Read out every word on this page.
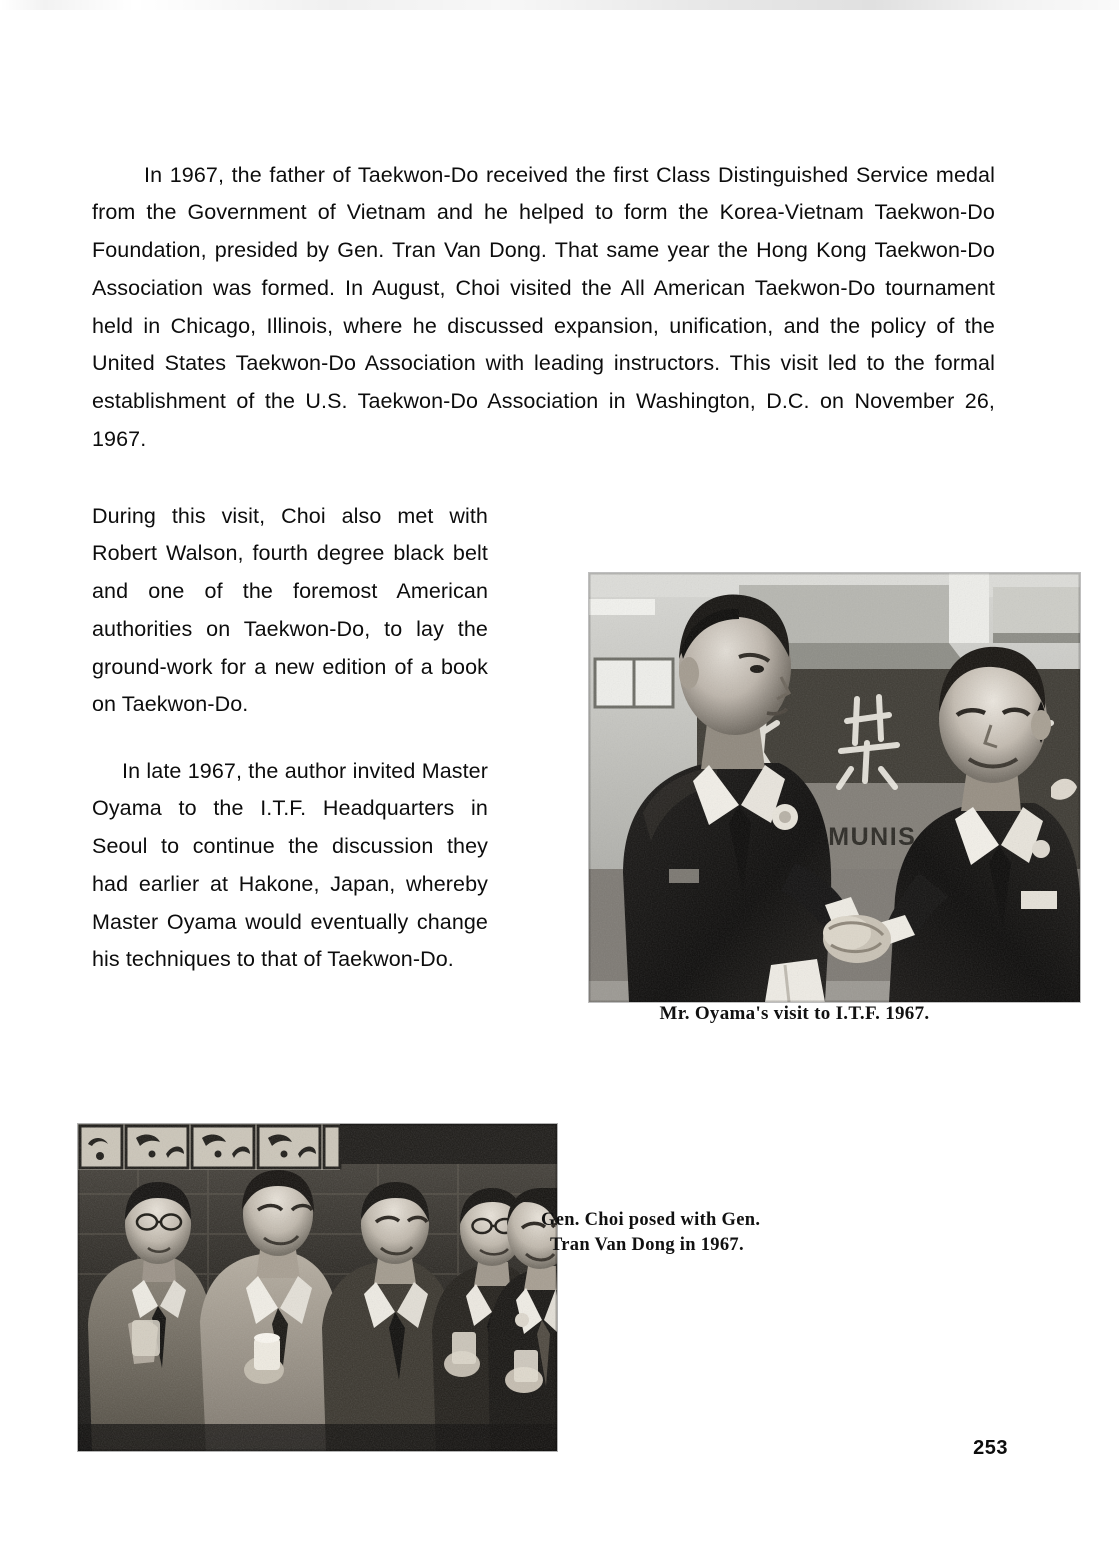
In 1967, the father of Taekwon-Do received the first Class Distinguished Service medal from the Government of Vietnam and he helped to form the Korea-Vietnam Taekwon-Do Foundation, presided by Gen. Tran Van Dong. That same year the Hong Kong Taekwon-Do Association was formed. In August, Choi visited the All American Taekwon-Do tournament held in Chicago, Illinois, where he discussed expansion, unification, and the policy of the United States Taekwon-Do Association with leading instructors. This visit led to the formal establishment of the U.S. Taekwon-Do Association in Washington, D.C. on November 26, 1967.

During this visit, Choi also met with Robert Walson, fourth degree black belt and one of the foremost American authorities on Taekwon-Do, to lay the ground-work for a new edition of a book on Taekwon-Do.

In late 1967, the author invited Master Oyama to the I.T.F. Headquarters in Seoul to continue the discussion they had earlier at Hakone, Japan, whereby Master Oyama would eventually change his techniques to that of Taekwon-Do.

Mr. Oyama's visit to I.T.F. 1967.
Gen. Choi posed with Gen.
Tran Van Dong in 1967.
253
